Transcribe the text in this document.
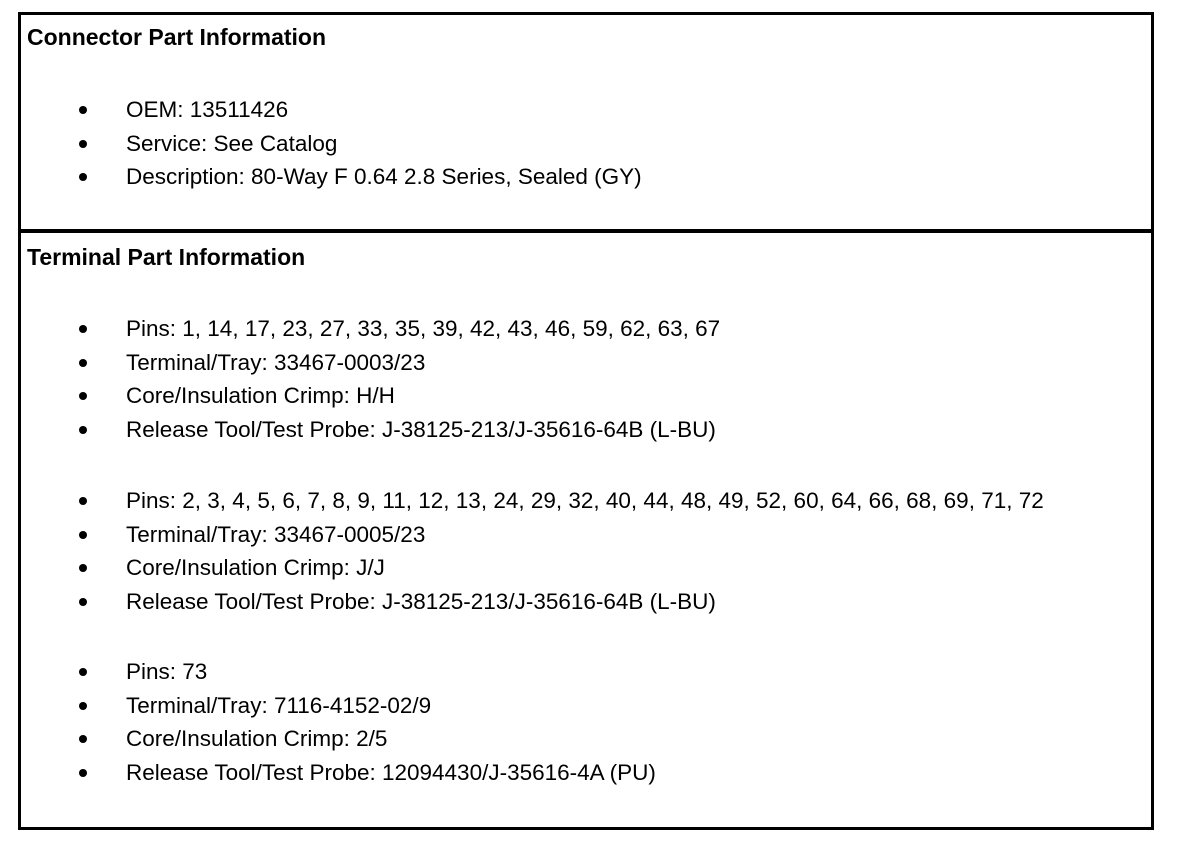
Connector Part Information
OEM: 13511426
Service: See Catalog
Description: 80-Way F 0.64 2.8 Series, Sealed (GY)
Terminal Part Information
Pins: 1, 14, 17, 23, 27, 33, 35, 39, 42, 43, 46, 59, 62, 63, 67
Terminal/Tray: 33467-0003/23
Core/Insulation Crimp: H/H
Release Tool/Test Probe: J-38125-213/J-35616-64B (L-BU)
Pins: 2, 3, 4, 5, 6, 7, 8, 9, 11, 12, 13, 24, 29, 32, 40, 44, 48, 49, 52, 60, 64, 66, 68, 69, 71, 72
Terminal/Tray: 33467-0005/23
Core/Insulation Crimp: J/J
Release Tool/Test Probe: J-38125-213/J-35616-64B (L-BU)
Pins: 73
Terminal/Tray: 7116-4152-02/9
Core/Insulation Crimp: 2/5
Release Tool/Test Probe: 12094430/J-35616-4A (PU)
